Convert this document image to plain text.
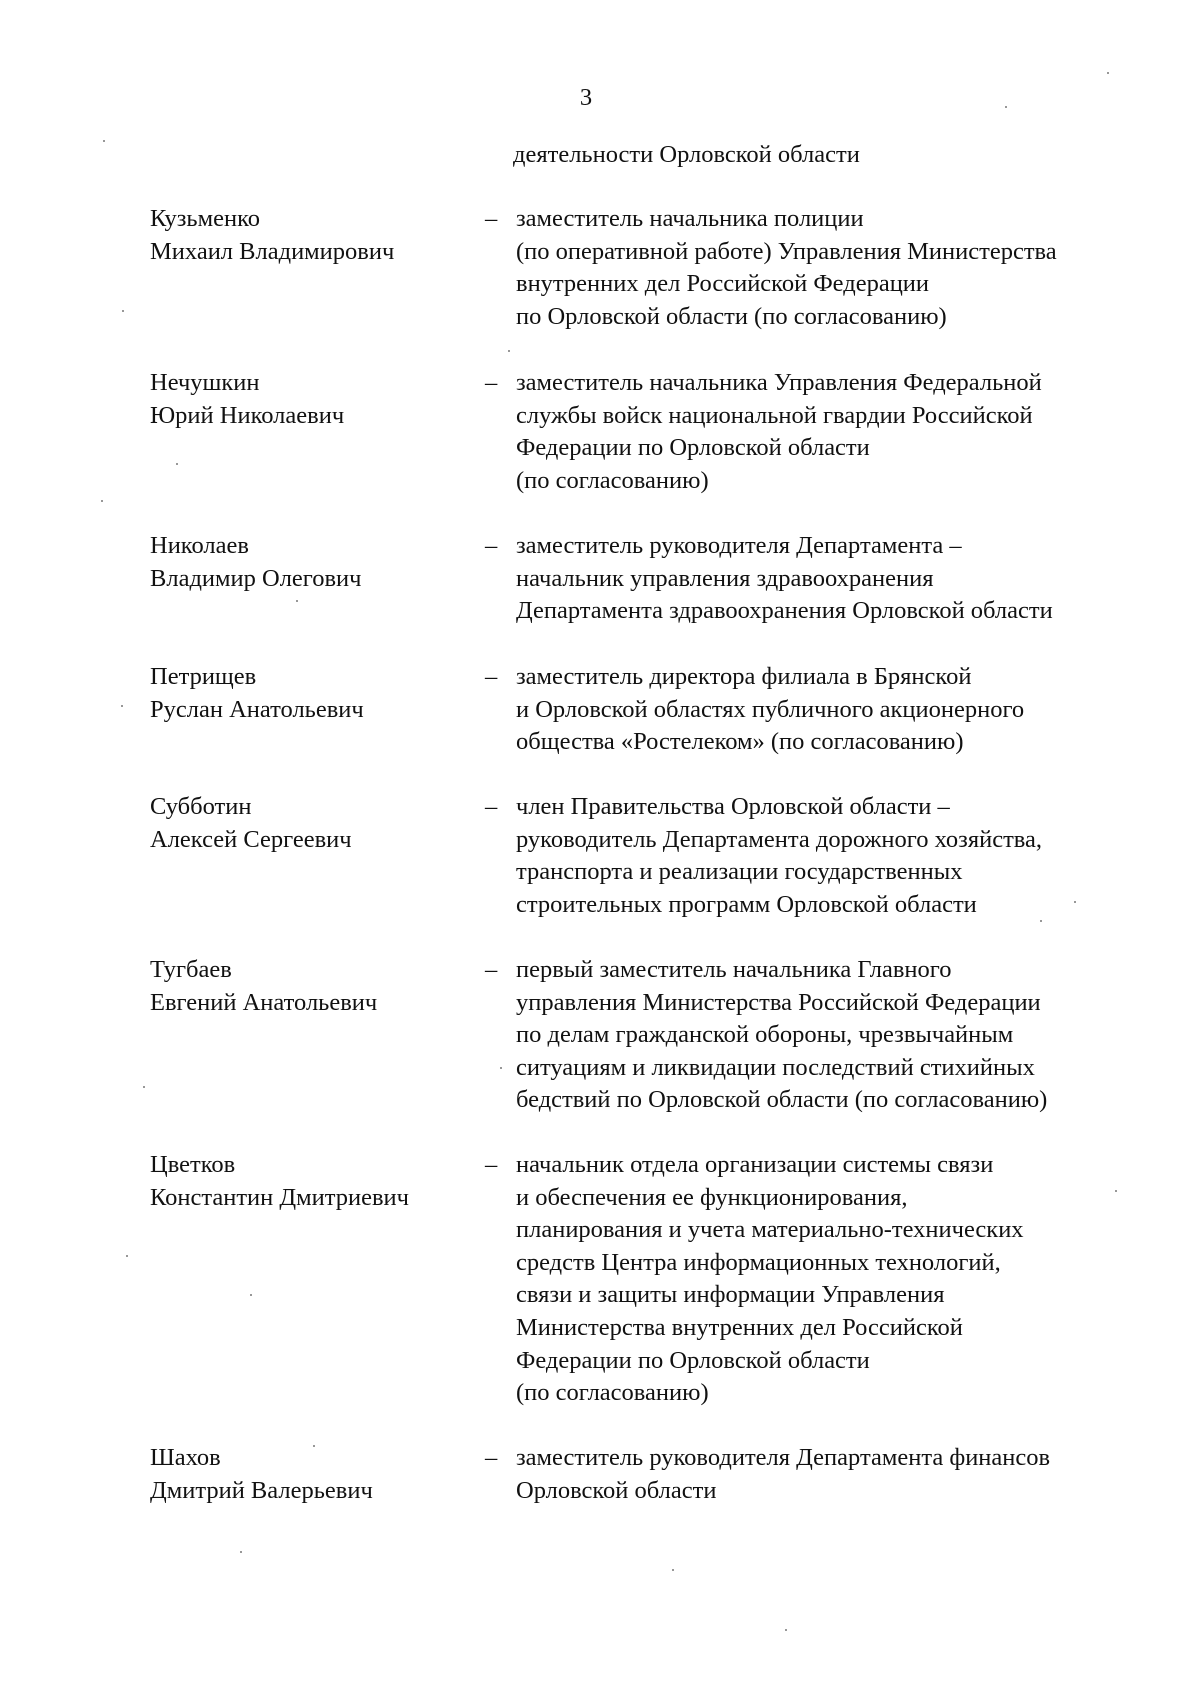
3
деятельности Орловской области
Кузьменко
Михаил Владимирович
– заместитель начальника полиции
(по оперативной работе) Управления Министерства
внутренних дел Российской Федерации
по Орловской области (по согласованию)
Нечушкин
Юрий Николаевич
– заместитель начальника Управления Федеральной
службы войск национальной гвардии Российской
Федерации по Орловской области
(по согласованию)
Николаев
Владимир Олегович
– заместитель руководителя Департамента –
начальник управления здравоохранения
Департамента здравоохранения Орловской области
Петрищев
Руслан Анатольевич
– заместитель директора филиала в Брянской
и Орловской областях публичного акционерного
общества «Ростелеком» (по согласованию)
Субботин
Алексей Сергеевич
– член Правительства Орловской области –
руководитель Департамента дорожного хозяйства,
транспорта и реализации государственных
строительных программ Орловской области
Тугбаев
Евгений Анатольевич
– первый заместитель начальника Главного
управления Министерства Российской Федерации
по делам гражданской обороны, чрезвычайным
ситуациям и ликвидации последствий стихийных
бедствий по Орловской области (по согласованию)
Цветков
Константин Дмитриевич
– начальник отдела организации системы связи
и обеспечения ее функционирования,
планирования и учета материально-технических
средств Центра информационных технологий,
связи и защиты информации Управления
Министерства внутренних дел Российской
Федерации по Орловской области
(по согласованию)
Шахов
Дмитрий Валерьевич
– заместитель руководителя Департамента финансов
Орловской области
